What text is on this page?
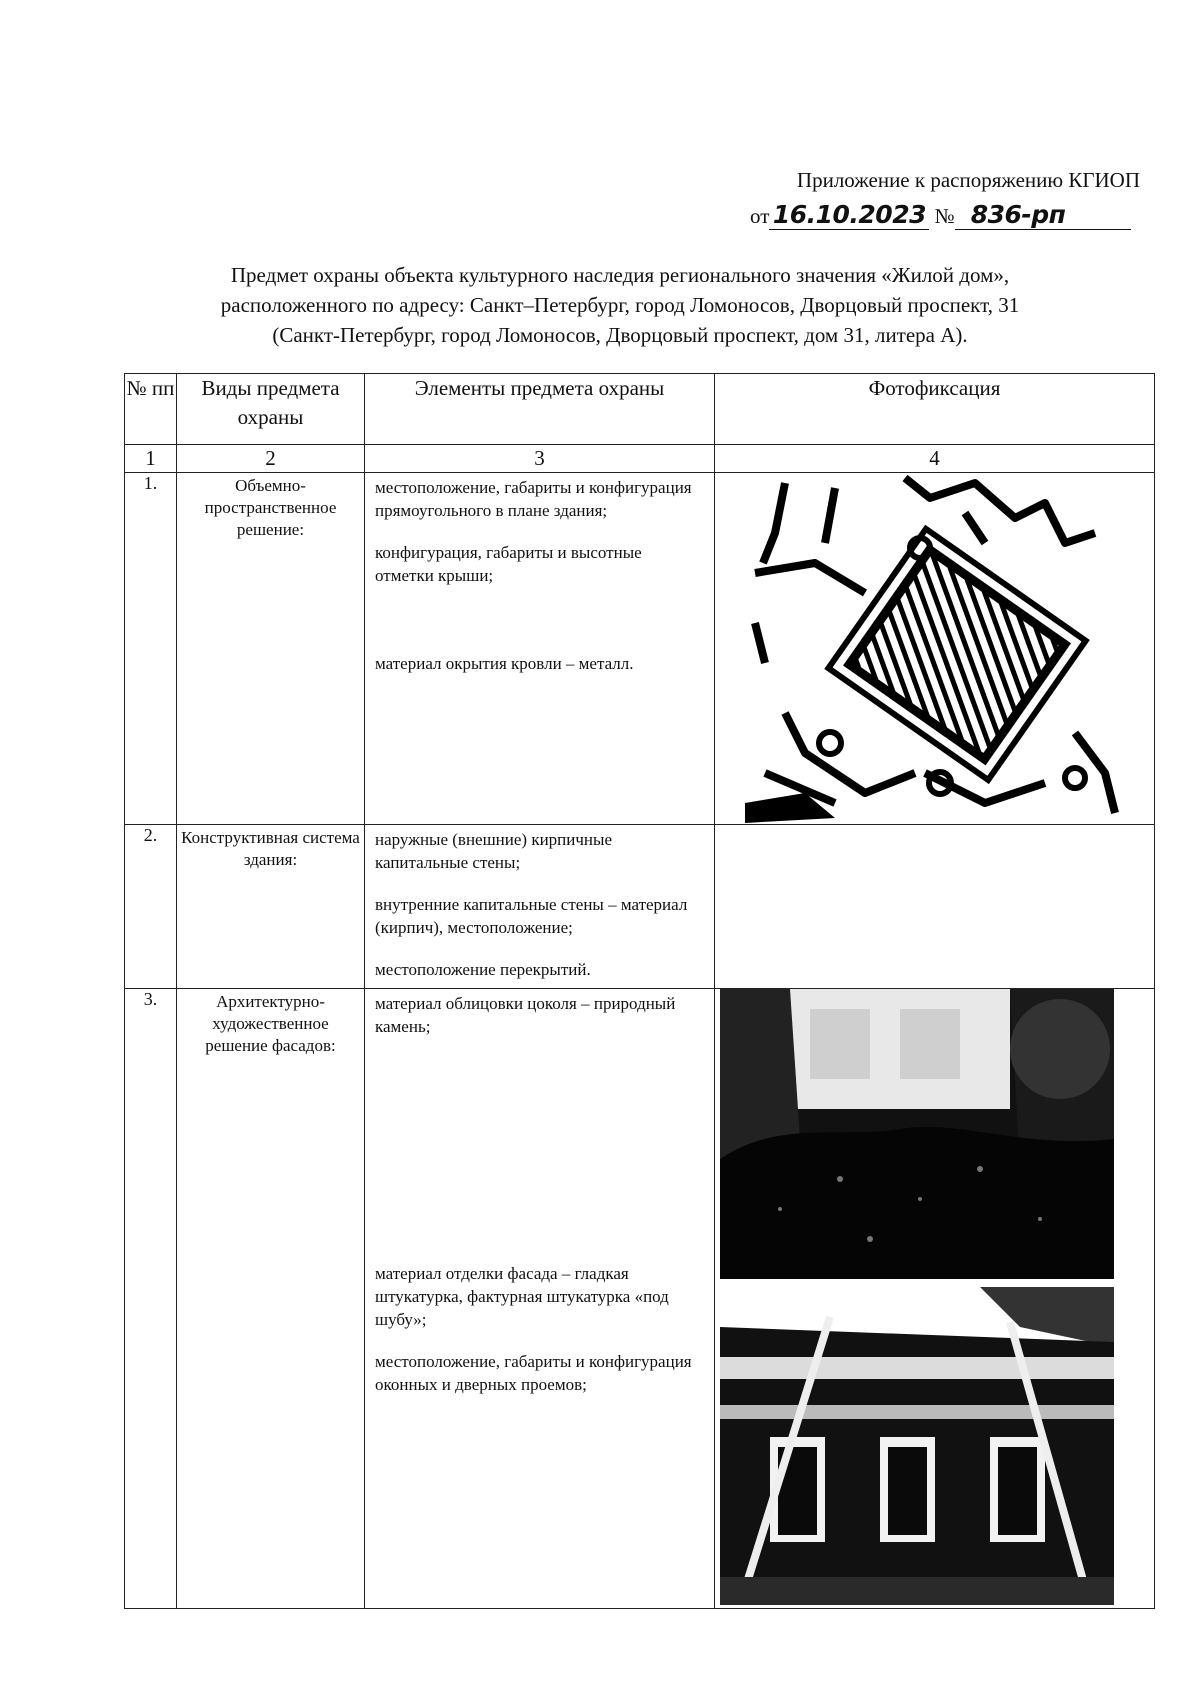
Приложение к распоряжению КГИОП
от 16.10.2023 № 836-рп
Предмет охраны объекта культурного наследия регионального значения «Жилой дом»,
расположенного по адресу: Санкт–Петербург, город Ломоносов, Дворцовый проспект, 31
(Санкт-Петербург, город Ломоносов, Дворцовый проспект, дом 31, литера А).
№ пп	Виды предмета охраны	Элементы предмета охраны	Фотофиксация
1	2	3	4
1.	Объемно-пространственное решение:	местоположение, габариты и конфигурация прямоугольного в плане здания;

конфигурация, габариты и высотные отметки крыши;

материал окрытия кровли – металл.

2.	Конструктивная система здания:	наружные (внешние) кирпичные капитальные стены;

внутренние капитальные стены – материал (кирпич), местоположение;

местоположение перекрытий.	

3.	Архитектурно-художественное решение фасадов:	материал облицовки цоколя – природный камень;

материал отделки фасада – гладкая штукатурка, фактурная штукатурка «под шубу»;

местоположение, габариты и конфигурация оконных и дверных проемов;
